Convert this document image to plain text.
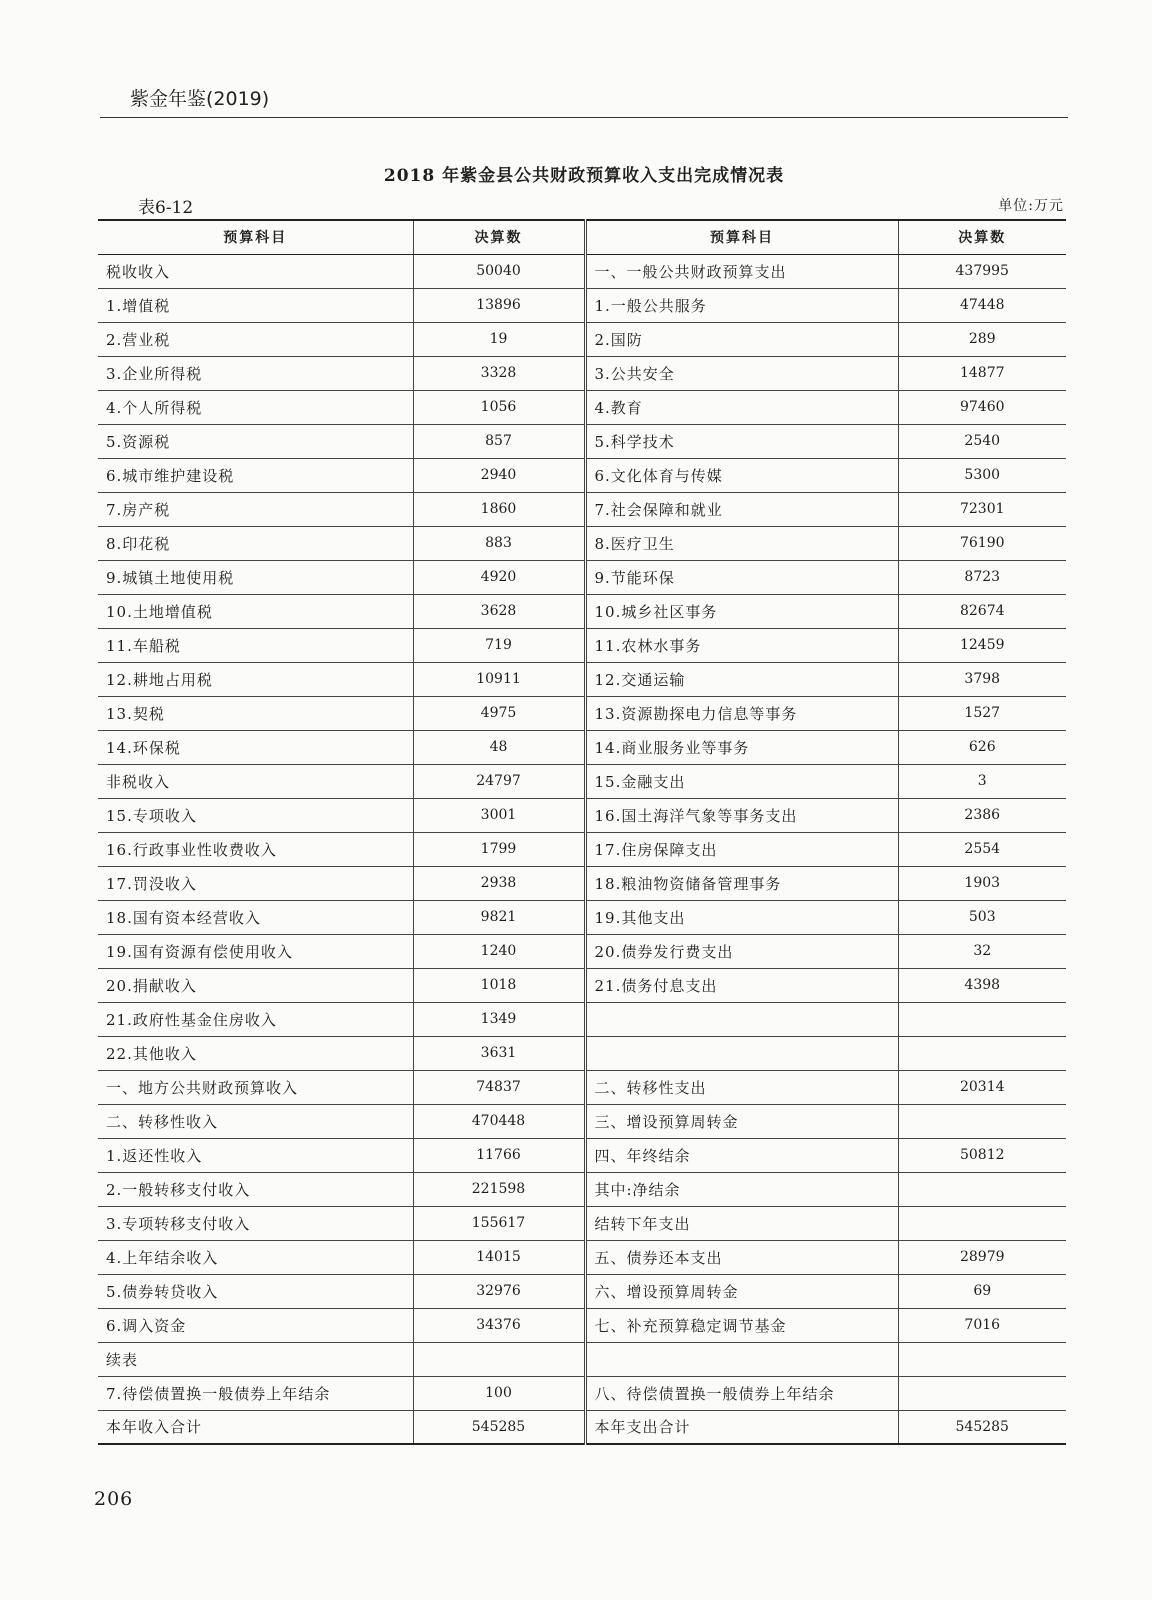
紫金年鉴(2019)
2018 年紫金县公共财政预算收入支出完成情况表
表6-12	单位:万元
预算科目	决算数	预算科目	决算数
税收收入	50040	一、一般公共财政预算支出	437995
1.增值税	13896	1.一般公共服务	47448
2.营业税	19	2.国防	289
3.企业所得税	3328	3.公共安全	14877
4.个人所得税	1056	4.教育	97460
5.资源税	857	5.科学技术	2540
6.城市维护建设税	2940	6.文化体育与传媒	5300
7.房产税	1860	7.社会保障和就业	72301
8.印花税	883	8.医疗卫生	76190
9.城镇土地使用税	4920	9.节能环保	8723
10.土地增值税	3628	10.城乡社区事务	82674
11.车船税	719	11.农林水事务	12459
12.耕地占用税	10911	12.交通运输	3798
13.契税	4975	13.资源勘探电力信息等事务	1527
14.环保税	48	14.商业服务业等事务	626
非税收入	24797	15.金融支出	3
15.专项收入	3001	16.国土海洋气象等事务支出	2386
16.行政事业性收费收入	1799	17.住房保障支出	2554
17.罚没收入	2938	18.粮油物资储备管理事务	1903
18.国有资本经营收入	9821	19.其他支出	503
19.国有资源有偿使用收入	1240	20.债券发行费支出	32
20.捐献收入	1018	21.债务付息支出	4398
21.政府性基金住房收入	1349		
22.其他收入	3631		
一、地方公共财政预算收入	74837	二、转移性支出	20314
二、转移性收入	470448	三、增设预算周转金	
1.返还性收入	11766	四、年终结余	50812
2.一般转移支付收入	221598	其中:净结余	
3.专项转移支付收入	155617	结转下年支出	
4.上年结余收入	14015	五、债券还本支出	28979
5.债券转贷收入	32976	六、增设预算周转金	69
6.调入资金	34376	七、补充预算稳定调节基金	7016
续表			
7.待偿债置换一般债券上年结余	100	八、待偿债置换一般债券上年结余	
本年收入合计	545285	本年支出合计	545285
206
